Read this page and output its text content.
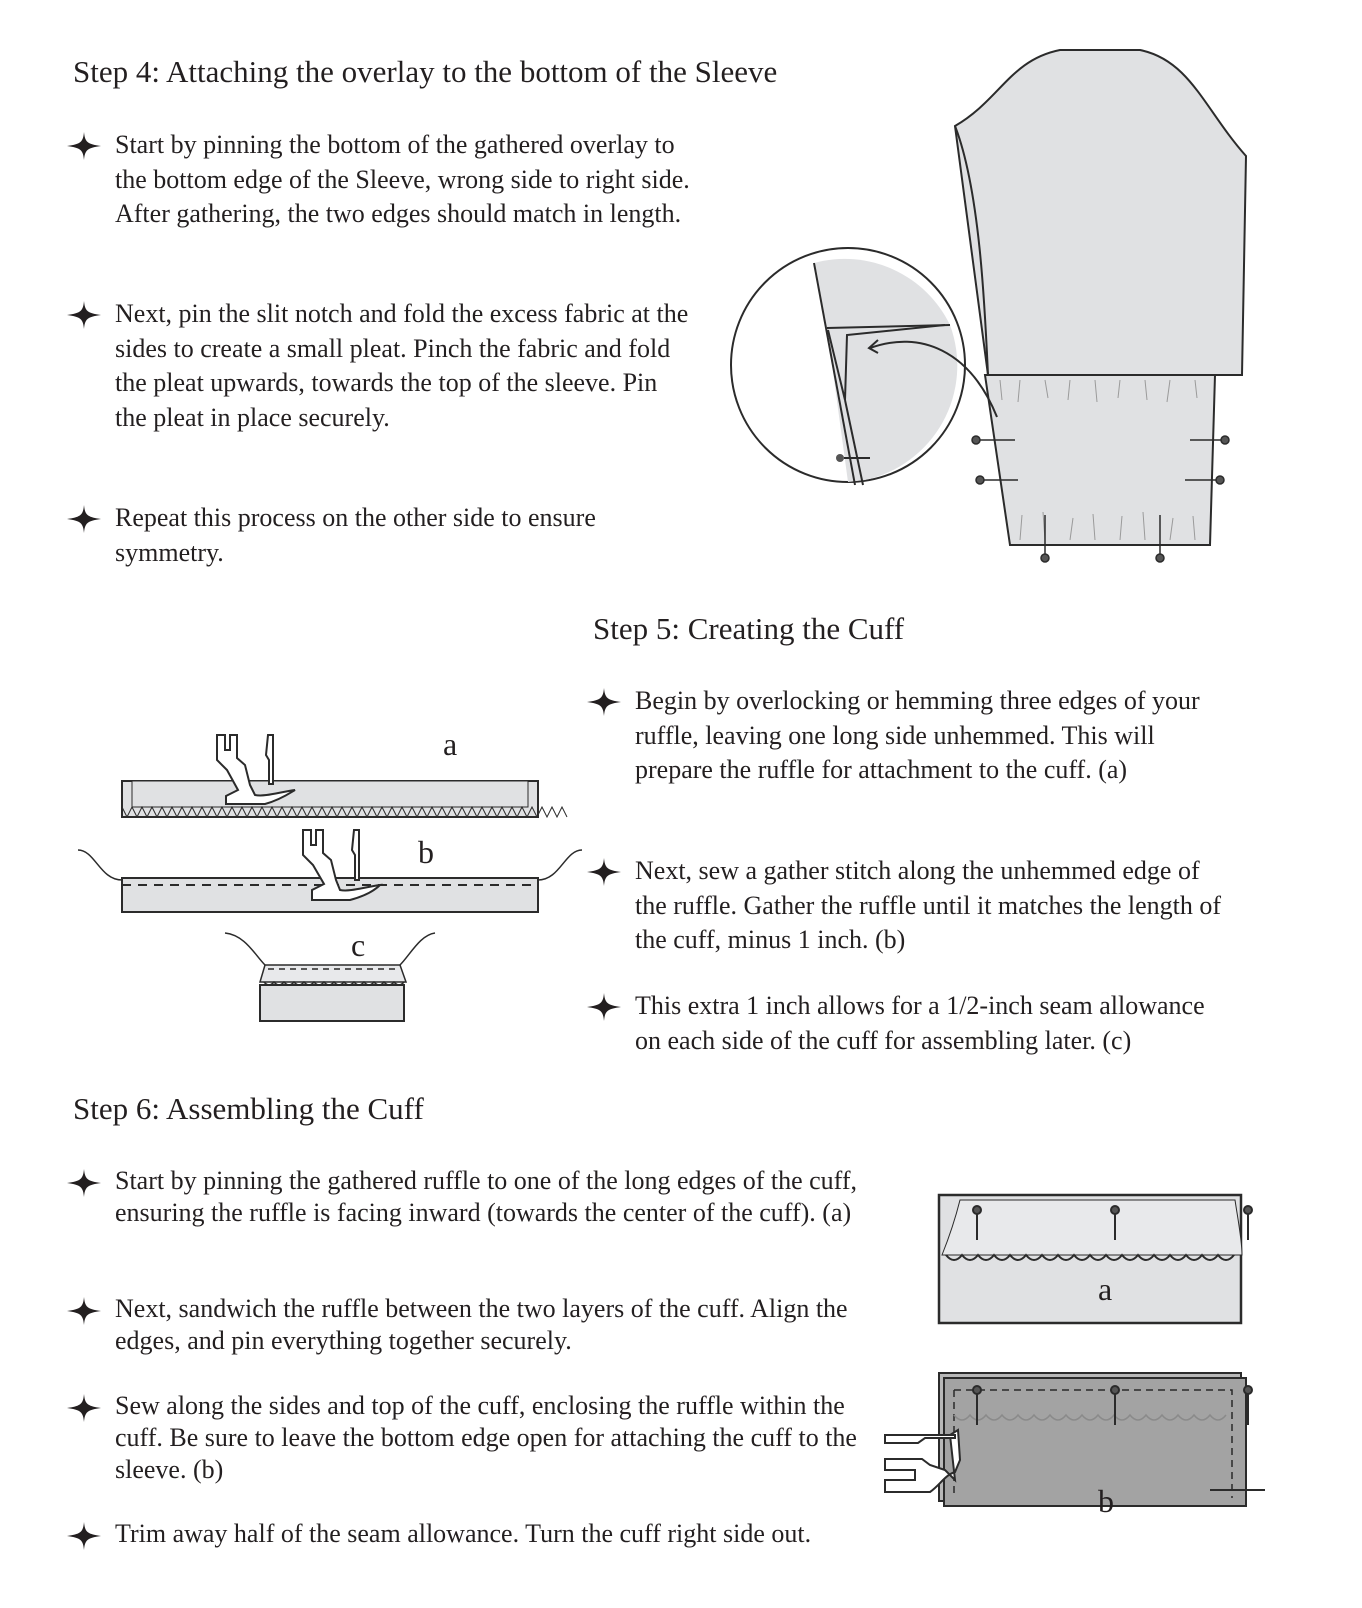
Step 4: Attaching the overlay to the bottom of the Sleeve
Start by pinning the bottom of the gathered overlay to the bottom edge of the Sleeve, wrong side to right side. After gathering, the two edges should match in length.
Next, pin the slit notch and fold the excess fabric at the sides to create a small pleat. Pinch the fabric and fold the pleat upwards, towards the top of the sleeve. Pin the pleat in place securely.
Repeat this process on the other side to ensure symmetry.
Step 5: Creating the Cuff
Begin by overlocking or hemming three edges of your ruffle, leaving one long side unhemmed. This will prepare the ruffle for attachment to the cuff. (a)
Next, sew a gather stitch along the unhemmed edge of the ruffle. Gather the ruffle until it matches the length of the cuff, minus 1 inch. (b)
This extra 1 inch allows for a 1/2-inch seam allowance on each side of the cuff for assembling later. (c)
a
b
c
Step 6: Assembling the Cuff
Start by pinning the gathered ruffle to one of the long edges of the cuff, ensuring the ruffle is facing inward (towards the center of the cuff). (a)
Next, sandwich the ruffle between the two layers of the cuff. Align the edges, and pin everything together securely.
Sew along the sides and top of the cuff, enclosing the ruffle within the cuff. Be sure to leave the bottom edge open for attaching the cuff to the sleeve. (b)
Trim away half of the seam allowance. Turn the cuff right side out.
a
b
